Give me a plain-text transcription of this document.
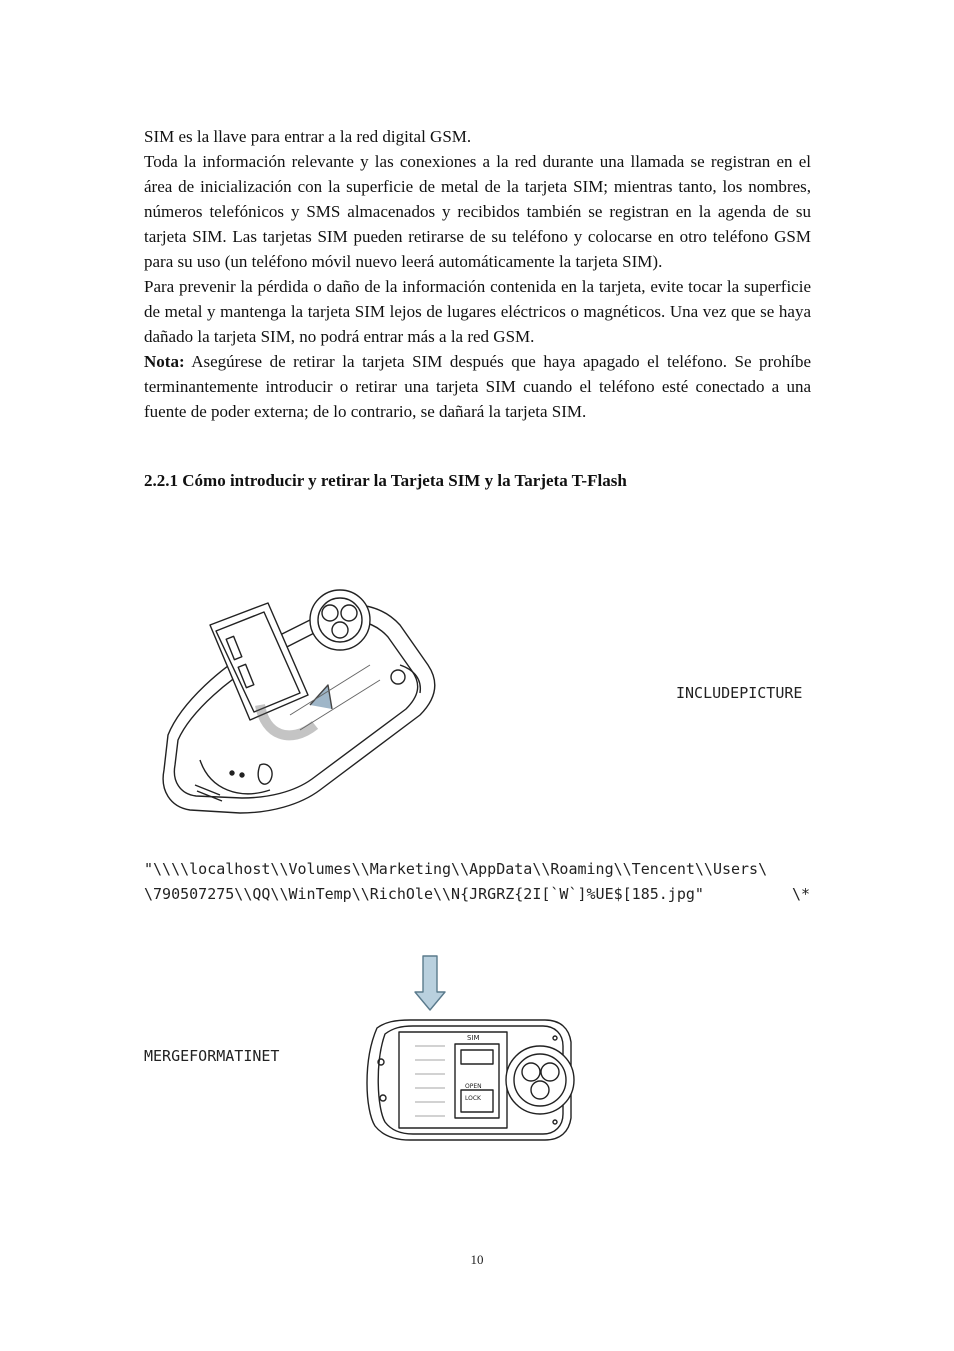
SIM es la llave para entrar a la red digital GSM.

Toda la información relevante y las conexiones a la red durante una llamada se registran en el área de inicialización con la superficie de metal de la tarjeta SIM; mientras tanto, los nombres, números telefónicos y SMS almacenados y recibidos también se registran en la agenda de su tarjeta SIM. Las tarjetas SIM pueden retirarse de su teléfono y colocarse en otro teléfono GSM para su uso (un teléfono móvil nuevo leerá automáticamente la tarjeta SIM).

Para prevenir la pérdida o daño de la información contenida en la tarjeta, evite tocar la superficie de metal y mantenga la tarjeta SIM lejos de lugares eléctricos o magnéticos. Una vez que se haya dañado la tarjeta SIM, no podrá entrar más a la red GSM.

Nota: Asegúrese de retirar la tarjeta SIM después que haya apagado el teléfono. Se prohíbe terminantemente introducir o retirar una tarjeta SIM cuando el teléfono esté conectado a una fuente de poder externa; de lo contrario, se dañará la tarjeta SIM.

2.2.1 Cómo introducir y retirar la Tarjeta SIM y la Tarjeta T-Flash
INCLUDEPICTURE
"\\\\localhost\\Volumes\\Marketing\\AppData\\Roaming\\Tencent\\Users\
\790507275\\QQ\\WinTemp\\RichOle\\N{JRGRZ{2I[`W`]%UE$[185.jpg"	\*
MERGEFORMATINET
SIM
OPEN
LOCK
10
